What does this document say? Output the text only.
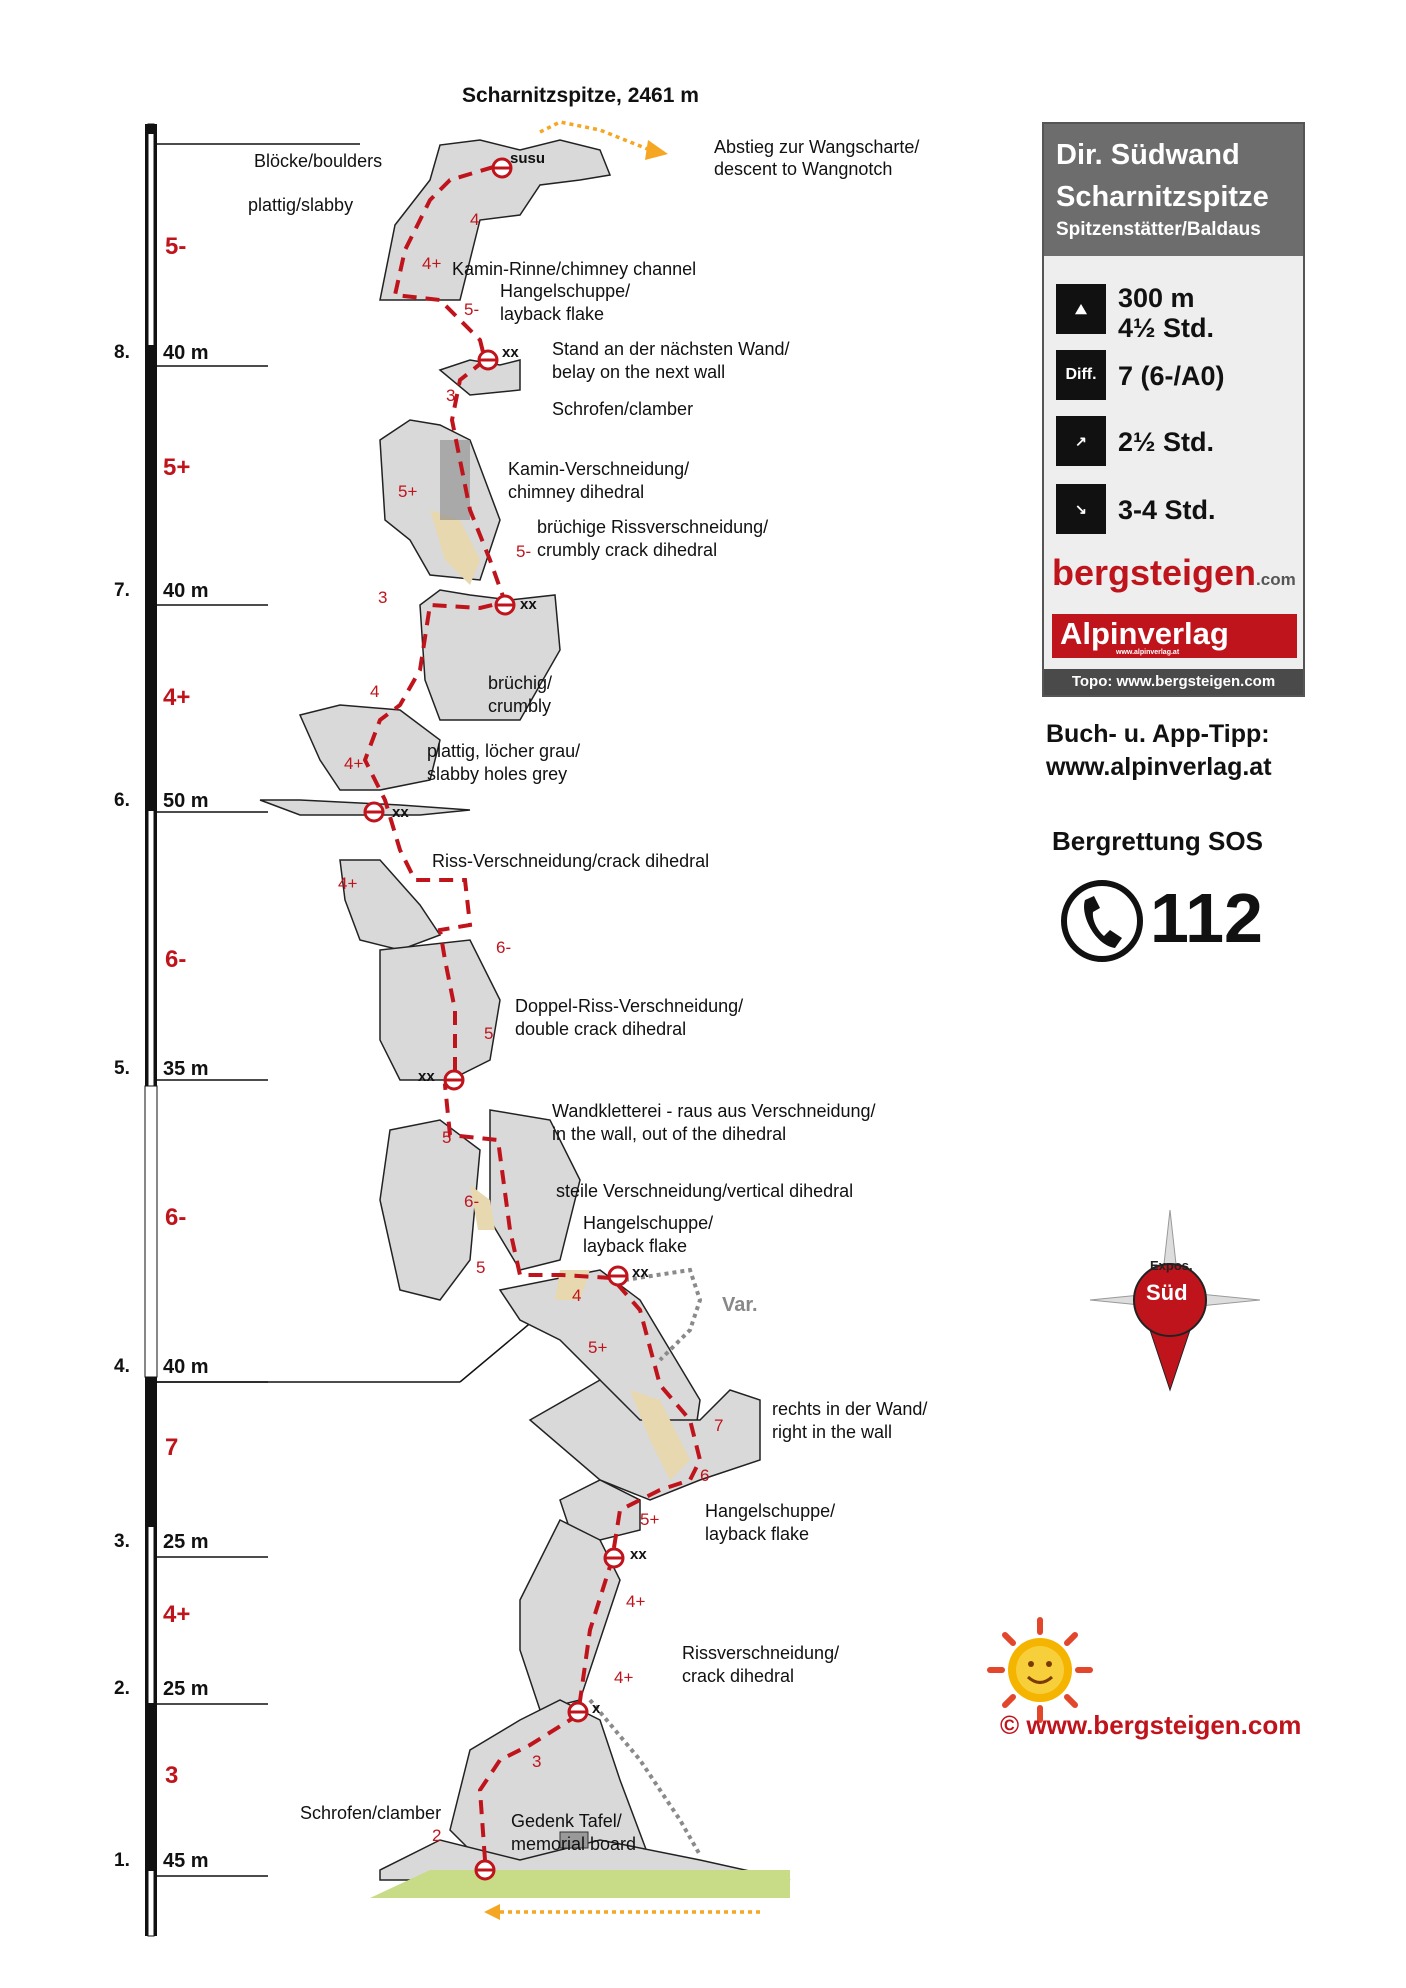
Scharnitzspitze, 2461 m
Abstieg zur Wangscharte/ descent to Wangnotch
1. 45 m
3
2. 25 m
4+
3. 25 m
7
4. 40 m
6-
5. 35 m
6-
6. 50 m
4+
7. 40 m
5+
8. 40 m
5-
Blöcke/boulders
plattig/slabby
Kamin-Rinne/chimney channel
Hangelschuppe/
layback flake
Stand an der nächsten Wand/
belay on the next wall
Schrofen/clamber
Kamin-Verschneidung/
chimney dihedral
brüchige Rissverschneidung/
crumbly crack dihedral
brüchig/
crumbly
plattig, löcher grau/
slabby holes grey
Riss-Verschneidung/crack dihedral
Doppel-Riss-Verschneidung/
double crack dihedral
Wandkletterei - raus aus Verschneidung/
in the wall, out of the dihedral
steile Verschneidung/vertical dihedral
Hangelschuppe/
layback flake
Var.
rechts in der Wand/
right in the wall
Hangelschuppe/
layback flake
Rissverschneidung/
crack dihedral
Schrofen/clamber	Gedenk Tafel/
memorial board
susu
xx
xx
xx
xx
xx
xx
x
4
4+
5-
3
5+
5-
3
4
4+
4+
6-
5
5
6-
5
4
5+
7
6
5+
4+
4+
3
2
Dir. Südwand
Scharnitzspitze
Spitzenstätter/Baldaus
⛰	300 m
4½ Std.
Diff. 7 (6-/A0)
↗	2½ Std.
↘	3-4 Std.
bergsteigen.com
Alpinverlag
www.alpinverlag.at
Topo: www.bergsteigen.com
Buch- u. App-Tipp:
www.alpinverlag.at
Bergrettung SOS
112
Expos.
Süd
© www.bergsteigen.com
